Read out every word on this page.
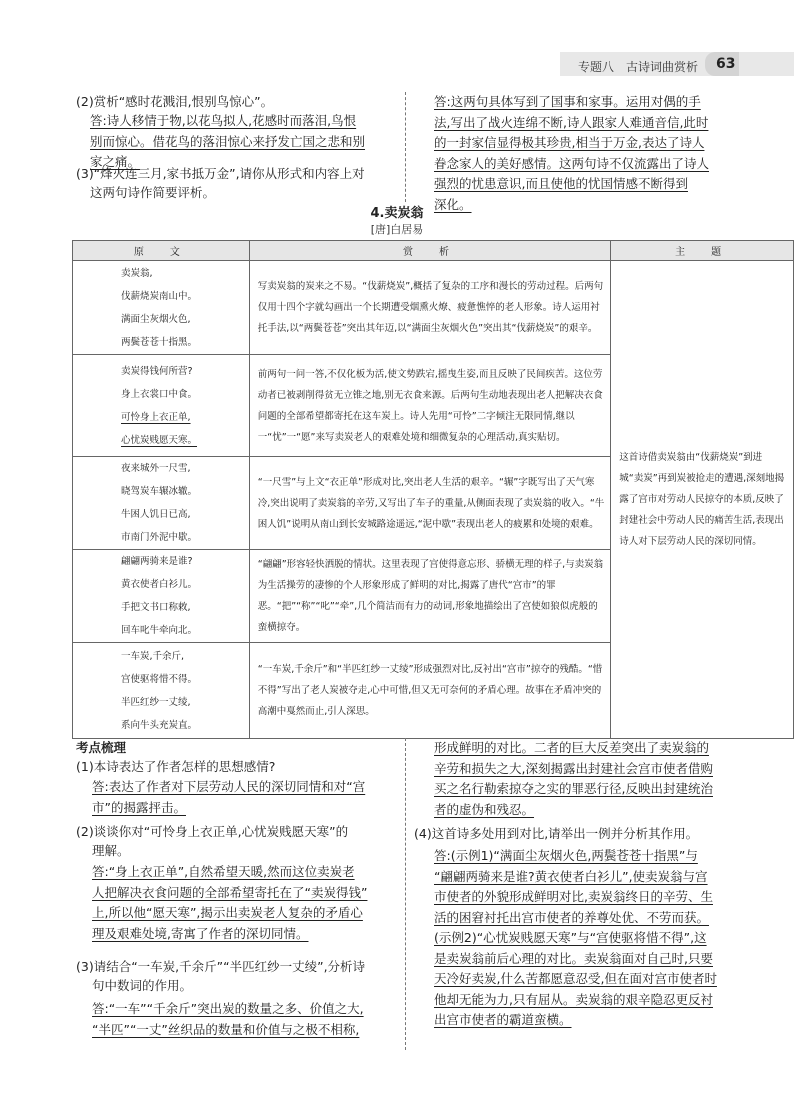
专题八　古诗词曲赏析 63
(2)赏析“感时花溅泪,恨别鸟惊心”。
答:诗人移情于物,以花鸟拟人,花感时而落泪,鸟恨
别而惊心。借花鸟的落泪惊心来抒发亡国之悲和别
家之痛。
(3)“烽火连三月,家书抵万金”,请你从形式和内容上对
这两句诗作简要评析。
答:这两句具体写到了国事和家事。运用对偶的手
法,写出了战火连绵不断,诗人跟家人难通音信,此时
的一封家信显得极其珍贵,相当于万金,表达了诗人
眷念家人的美好感情。这两句诗不仅流露出了诗人
强烈的忧患意识,而且使他的忧国情感不断得到
深化。
4.卖炭翁
[唐]白居易
原　文	赏　析	主　题

卖炭翁,
伐薪烧炭南山中。
满面尘灰烟火色,
两鬓苍苍十指黑。	写卖炭翁的炭来之不易。“伐薪烧炭”,概括了复杂的工序和漫长的劳动过程。后两句仅用十四个字就勾画出一个长期遭受烟熏火燎、疲惫憔悴的老人形象。诗人运用衬托手法,以“两鬓苍苍”突出其年迈,以“满面尘灰烟火色”突出其“伐薪烧炭”的艰辛。	这首诗借卖炭翁由“伐薪烧炭”到进城“卖炭”再到炭被抢走的遭遇,深刻地揭露了宫市对劳动人民掠夺的本质,反映了封建社会中劳动人民的痛苦生活,表现出诗人对下层劳动人民的深切同情。

卖炭得钱何所营?
身上衣裳口中食。
可怜身上衣正单,
心忧炭贱愿天寒。	前两句一问一答,不仅化板为活,使文势跌宕,摇曳生姿,而且反映了民间疾苦。这位劳动者已被剥削得贫无立锥之地,别无衣食来源。后两句生动地表现出老人把解决衣食问题的全部希望都寄托在这车炭上。诗人先用“可怜”二字倾注无限同情,继以一“忧”一“愿”来写卖炭老人的艰难处境和细微复杂的心理活动,真实贴切。	

夜来城外一尺雪,
晓驾炭车辗冰辙。
牛困人饥日已高,
市南门外泥中歇。	“一尺雪”与上文“衣正单”形成对比,突出老人生活的艰辛。“辗”字既写出了天气寒冷,突出说明了卖炭翁的辛劳,又写出了车子的重量,从侧面表现了卖炭翁的收入。“牛困人饥”说明从南山到长安城路途遥远,“泥中歇”表现出老人的疲累和处境的艰难。	

翩翩两骑来是谁?
黄衣使者白衫儿。
手把文书口称敕,
回车叱牛牵向北。	“翩翩”形容轻快洒脱的情状。这里表现了宫使得意忘形、骄横无理的样子,与卖炭翁为生活操劳的凄惨的个人形象形成了鲜明的对比,揭露了唐代“宫市”的罪恶。“把”“称”“叱”“牵”,几个简洁而有力的动词,形象地描绘出了宫使如狼似虎般的蛮横掠夺。	

一车炭,千余斤,
宫使驱将惜不得。
半匹红纱一丈绫,
系向牛头充炭直。	“一车炭,千余斤”和“半匹红纱一丈绫”形成强烈对比,反衬出“宫市”掠夺的残酷。“惜不得”写出了老人炭被夺走,心中可惜,但又无可奈何的矛盾心理。故事在矛盾冲突的高潮中戛然而止,引人深思。	
考点梳理
(1)本诗表达了作者怎样的思想感情?
答:表达了作者对下层劳动人民的深切同情和对“宫
市”的揭露抨击。
(2)谈谈你对“可怜身上衣正单,心忧炭贱愿天寒”的
理解。
答:“身上衣正单”,自然希望天暖,然而这位卖炭老
人把解决衣食问题的全部希望寄托在了“卖炭得钱”
上,所以他“愿天寒”,揭示出卖炭老人复杂的矛盾心
理及艰难处境,寄寓了作者的深切同情。
(3)请结合“一车炭,千余斤”“半匹红纱一丈绫”,分析诗
句中数词的作用。
答:“一车”“千余斤”突出炭的数量之多、价值之大,
“半匹”“一丈”丝织品的数量和价值与之极不相称,
形成鲜明的对比。二者的巨大反差突出了卖炭翁的
辛劳和损失之大,深刻揭露出封建社会宫市使者借购
买之名行勒索掠夺之实的罪恶行径,反映出封建统治
者的虚伪和残忍。
(4)这首诗多处用到对比,请举出一例并分析其作用。
答:(示例1)“满面尘灰烟火色,两鬓苍苍十指黑”与
“翩翩两骑来是谁?黄衣使者白衫儿”,使卖炭翁与宫
市使者的外貌形成鲜明对比,卖炭翁终日的辛劳、生
活的困窘衬托出宫市使者的养尊处优、不劳而获。
(示例2)“心忧炭贱愿天寒”与“宫使驱将惜不得”,这
是卖炭翁前后心理的对比。卖炭翁面对自己时,只要
天冷好卖炭,什么苦都愿意忍受,但在面对宫市使者时
他却无能为力,只有屈从。卖炭翁的艰辛隐忍更反衬
出宫市使者的霸道蛮横。
